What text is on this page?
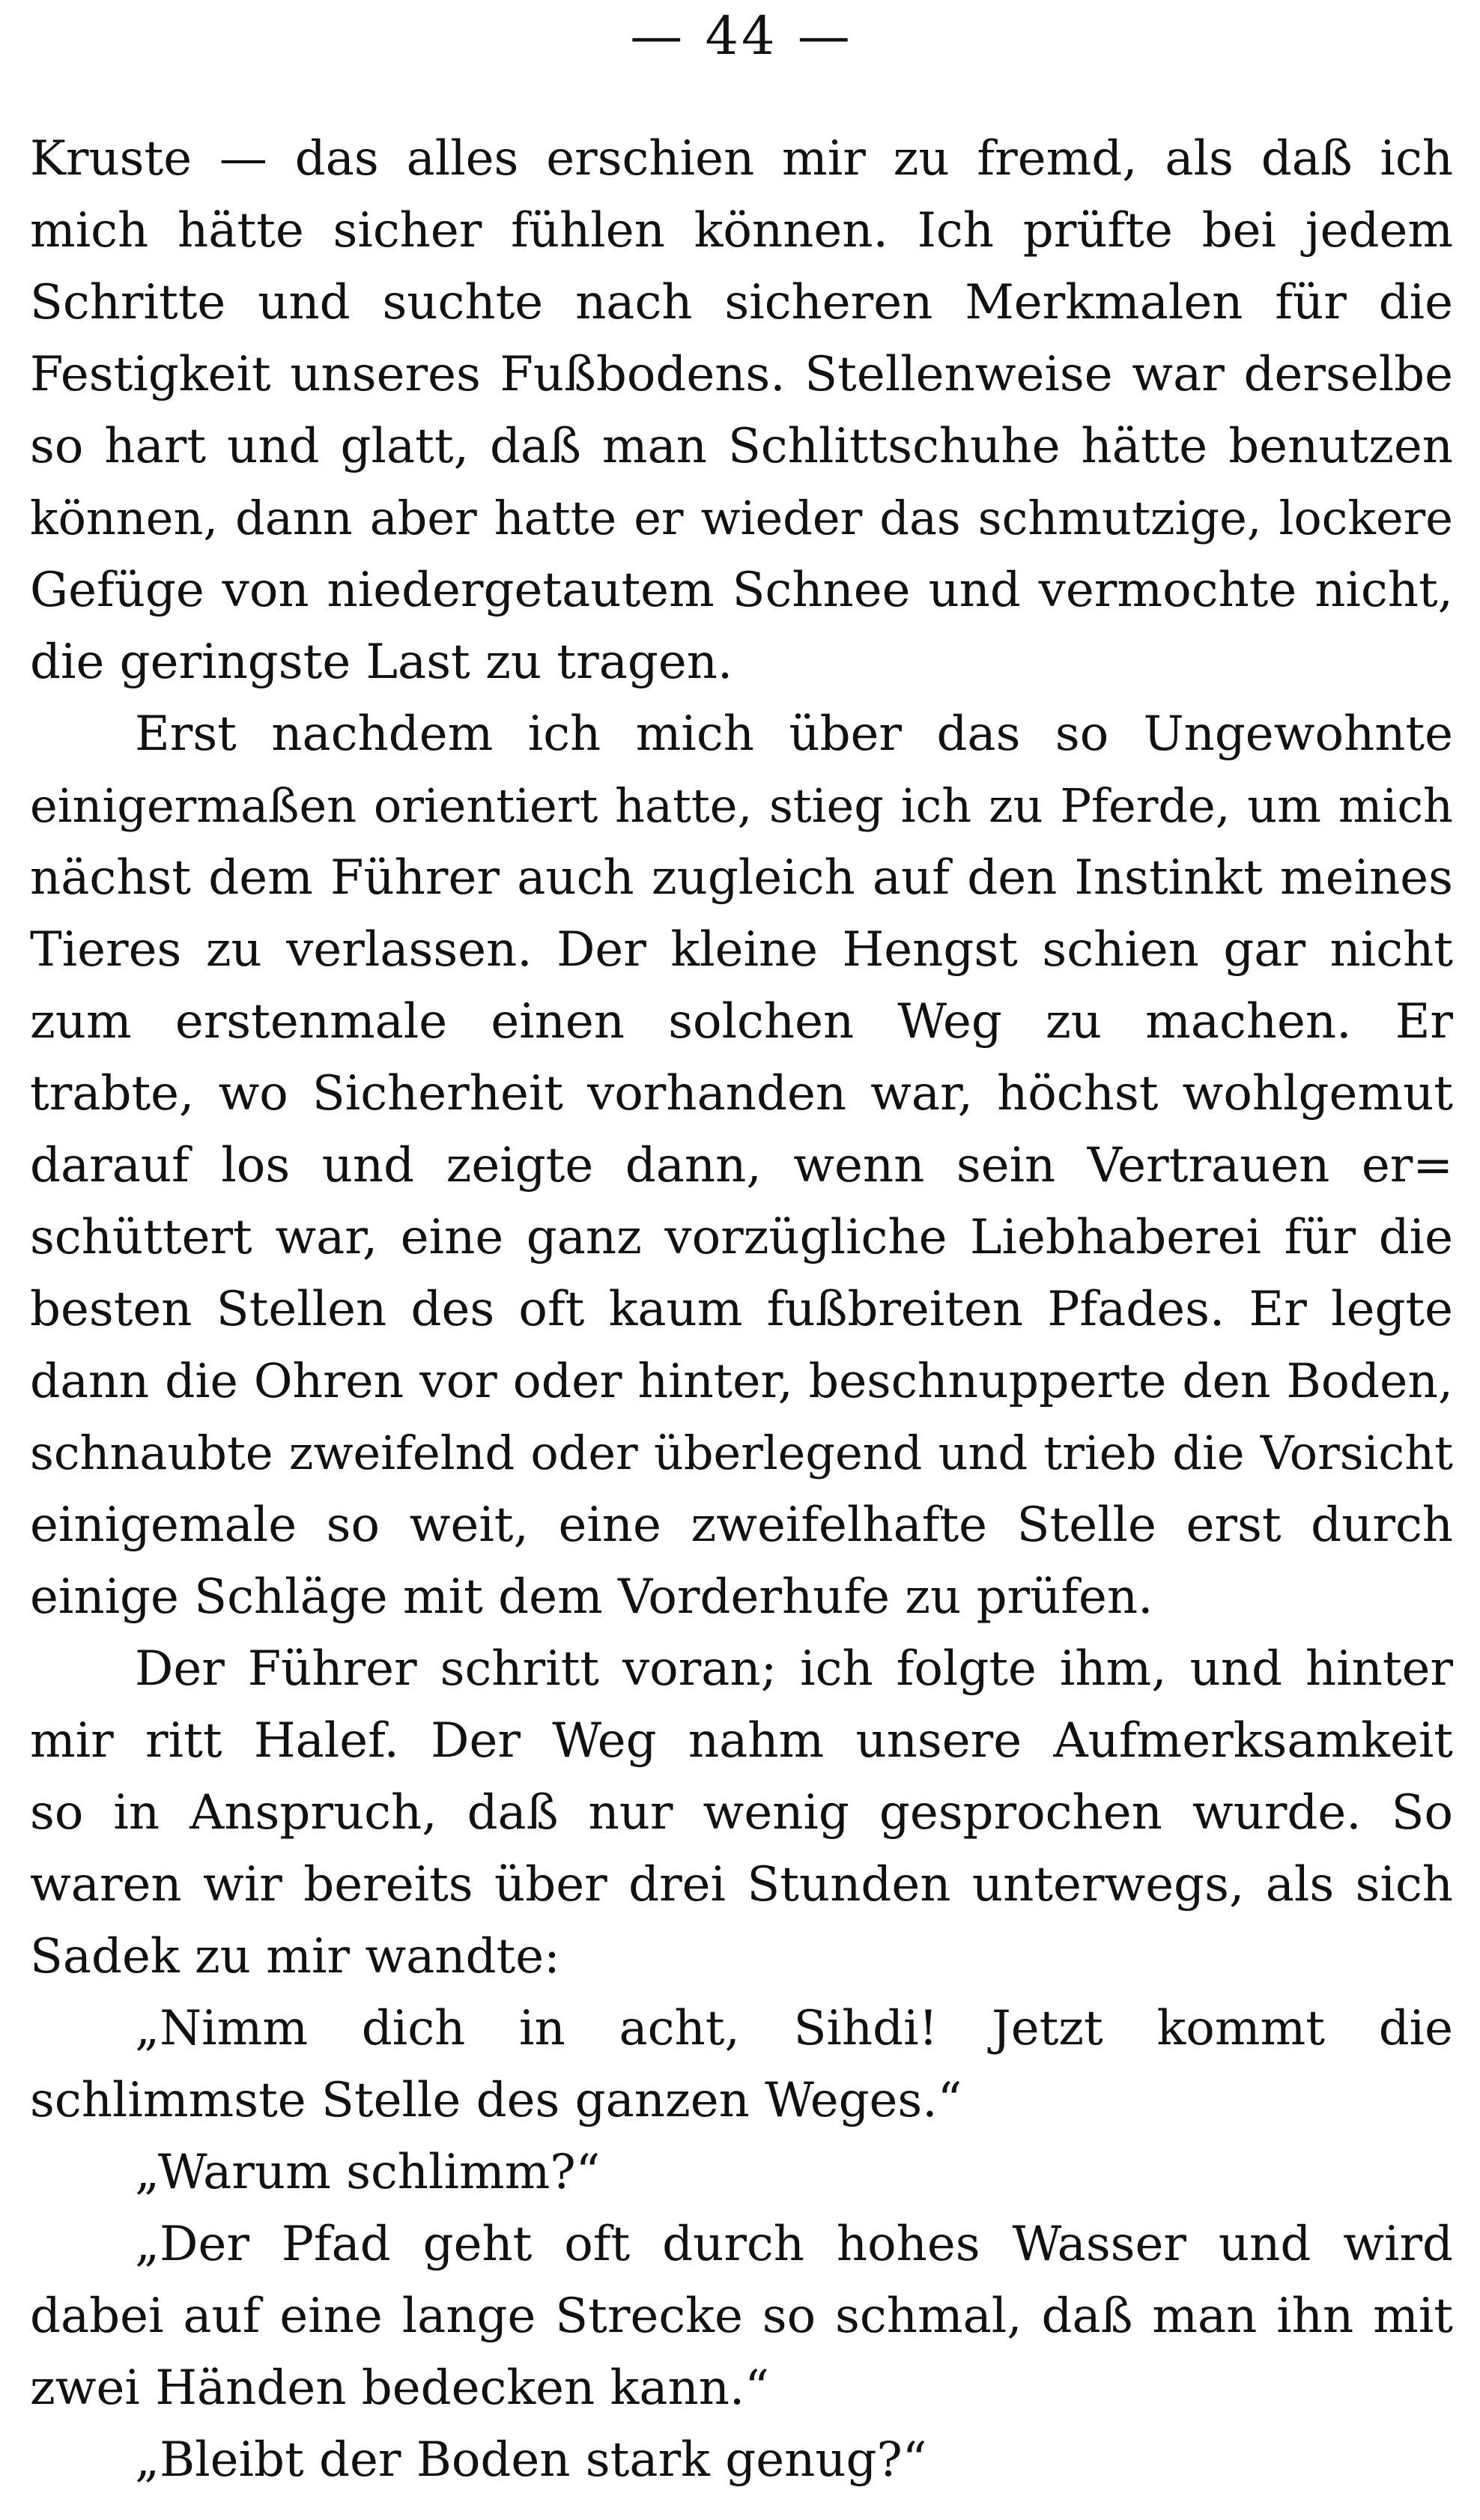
— 44 —
Kruste — das alles erschien mir zu fremd, als daß ich
mich hätte sicher fühlen können. Ich prüfte bei jedem
Schritte und suchte nach sicheren Merkmalen für die
Festigkeit unseres Fußbodens. Stellenweise war derselbe
so hart und glatt, daß man Schlittschuhe hätte benutzen
können, dann aber hatte er wieder das schmutzige, lockere
Gefüge von niedergetautem Schnee und vermochte nicht,
die geringste Last zu tragen.
Erst nachdem ich mich über das so Ungewohnte
einigermaßen orientiert hatte, stieg ich zu Pferde, um mich
nächst dem Führer auch zugleich auf den Instinkt meines
Tieres zu verlassen. Der kleine Hengst schien gar nicht
zum erstenmale einen solchen Weg zu machen. Er
trabte, wo Sicherheit vorhanden war, höchst wohlgemut
darauf los und zeigte dann, wenn sein Vertrauen er=
schüttert war, eine ganz vorzügliche Liebhaberei für die
besten Stellen des oft kaum fußbreiten Pfades. Er legte
dann die Ohren vor oder hinter, beschnupperte den Boden,
schnaubte zweifelnd oder überlegend und trieb die Vorsicht
einigemale so weit, eine zweifelhafte Stelle erst durch
einige Schläge mit dem Vorderhufe zu prüfen.
Der Führer schritt voran; ich folgte ihm, und hinter
mir ritt Halef. Der Weg nahm unsere Aufmerksamkeit
so in Anspruch, daß nur wenig gesprochen wurde. So
waren wir bereits über drei Stunden unterwegs, als sich
Sadek zu mir wandte:
„Nimm dich in acht, Sihdi! Jetzt kommt die
schlimmste Stelle des ganzen Weges.“
„Warum schlimm?“
„Der Pfad geht oft durch hohes Wasser und wird
dabei auf eine lange Strecke so schmal, daß man ihn mit
zwei Händen bedecken kann.“
„Bleibt der Boden stark genug?“
